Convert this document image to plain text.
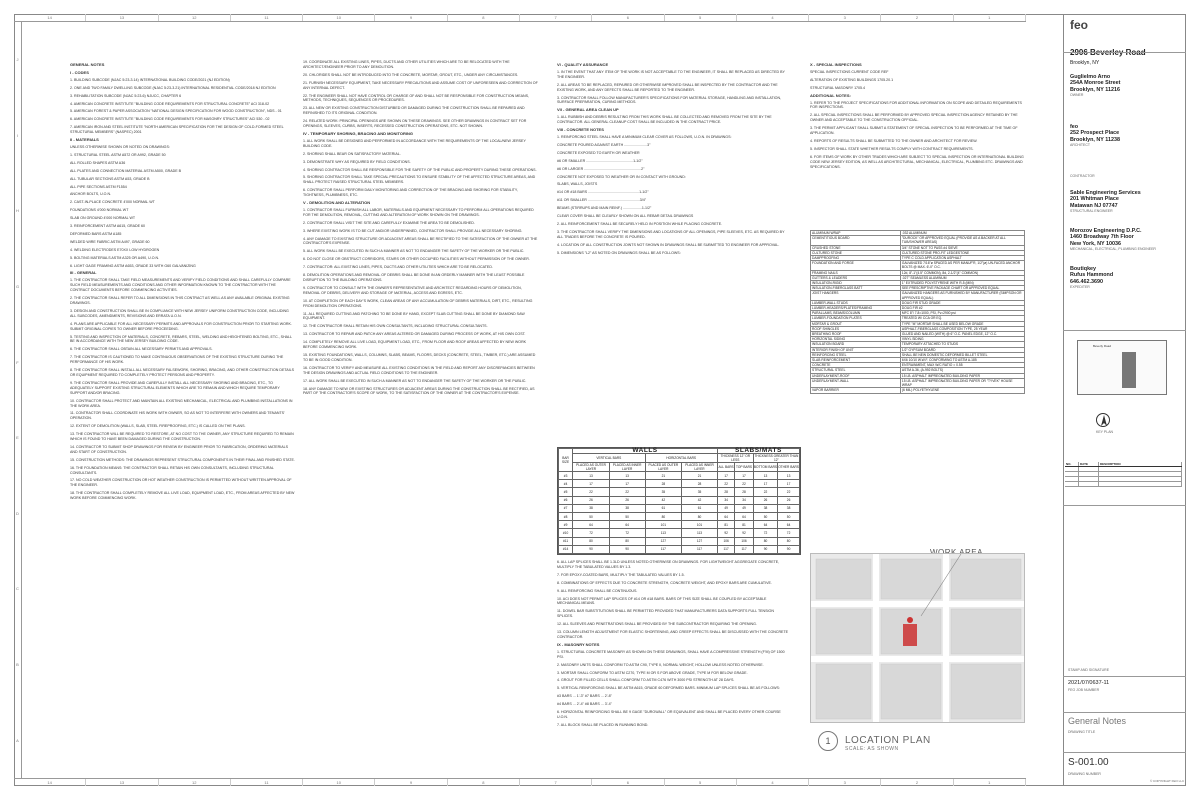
14	13	12	11	10	9	8	7	6	5	4	3	2	1
14	13	12	11	10	9	8	7	6	5	4	3	2	1
J
I
H
G
F
E
D
C
B
A
GENERAL NOTES
I - CODES

1. BUILDING SUBCODE (NJAC 5:23-3.14) INTERNATIONAL BUILDING CODE/2021 (NJ EDITION)

2. ONE AND TWO FAMILY DWELLING SUBCODE (NJAC 5:23-3.21) INTERNATIONAL RESIDENTIAL CODE/2018 NJ EDITION

3. REHABILITATION SUBCODE (NJAC 5:23-6) NJUCC, CHAPTER 6

4. AMERICAN CONCRETE INSTITUTE "BUILDING CODE REQUIREMENTS FOR STRUCTURAL CONCRETE" ACI 318-02

5. AMERICAN FOREST & PAPER ASSOCIATION "NATIONAL DESIGN SPECIFICATION FOR WOOD CONSTRUCTION", NDS - 01

6. AMERICAN CONCRETE INSTITUTE "BUILDING CODE REQUIREMENTS FOR MASONRY STRUCTURES" ACI 530 - 02

7. AMERICAN IRON AND STEEL INSTITUTE "NORTH AMERICAN SPECIFICATION FOR THE DESIGN OF COLD-FORMED STEEL STRUCTURAL MEMBERS" (NASPEC) 2001

II - MATERIALS

UNLESS OTHERWISE SHOWN OR NOTED ON DRAWINGS:

1. STRUCTURAL STEEL ASTM A572 OR A992, GRADE 50

ALL ROLLED SHAPES ASTM A36

ALL PLATES AND CONNECTION MATERIAL ASTM A500, GRADE B

ALL TUBULAR SECTIONS ASTM A53, GRADE B

ALL PIPE SECTIONS ASTM F1554

ANCHOR BOLTS, U.O.N.

2. CAST-IN-PLACE CONCRETE 4'000 NORMAL WT

FOUNDATIONS 4'000 NORMAL WT

SLAB ON GROUND 4'000 NORMAL WT

3. REINFORCEMENT ASTM A615, GRADE 60

DEFORMED BARS ASTM A185

WELDED WIRE FABRIC ASTM A497, GRADE 60

4. WELDING ELECTRODES E70XX LOW HYDROGEN

5. BOLTING MATERIALS ASTM A325 OR A490, U.O.N.

6. LIGHT GAGE FRAMING ASTM A653, GRADE 33 WITH G60 GALVANIZING

III - GENERAL

1. THE CONTRACTOR SHALL TAKE FIELD MEASUREMENTS AND VERIFY FIELD CONDITIONS AND SHALL CAREFULLY COMPARE SUCH FIELD MEASUREMENTS AND CONDITIONS AND OTHER INFORMATION KNOWN TO THE CONTRACTOR WITH THE CONTRACT DOCUMENTS BEFORE COMMENCING ACTIVITIES.

2. THE CONTRACTOR SHALL REFER TO ALL DIMENSIONS IN THIS CONTRACT AS WELL AS ANY AVAILABLE ORIGINAL EXISTING DRAWINGS.

3. DESIGN AND CONSTRUCTION SHALL BE IN COMPLIANCE WITH NEW JERSEY UNIFORM CONSTRUCTION CODE, INCLUDING ALL SUBCODES, AMENDMENTS, REVISIONS AND ERRATA U.O.N.

4. PLANS ARE APPLICABLE FOR ALL NECESSARY PERMITS AND APPROVALS FOR CONSTRUCTION PRIOR TO STARTING WORK. SUBMIT ORIGINAL COPIES TO OWNER BEFORE PROCEEDING.

5. TESTING AND INSPECTION OF MATERIALS, CONCRETE, REBARS, STEEL, WELDING AND HEIGHTENED BOLTING, ETC., SHALL BE IN ACCORDANCE WITH THE NEW JERSEY BUILDING CODE.

6. THE CONTRACTOR SHALL OBTAIN ALL NECESSARY PERMITS AND APPROVALS.

7. THE CONTRACTOR IS CAUTIONED TO MAKE CONTINUOUS OBSERVATIONS OF THE EXISTING STRUCTURE DURING THE PERFORMANCE OF HIS WORK.

8. THE CONTRACTOR SHALL INSTALL ALL NECESSARY FALSEWORK, SHORING, BRACING, AND OTHER CONSTRUCTION DETAILS OR EQUIPMENT REQUIRED TO COMPLETELY PROTECT PERSONS AND PROPERTY.

9. THE CONTRACTOR SHALL PROVIDE AND CAREFULLY INSTALL ALL NECESSARY SHORING AND BRACING, ETC., TO ADEQUATELY SUPPORT EXISTING STRUCTURAL ELEMENTS WHICH ARE TO REMAIN AND WHICH REQUIRE TEMPORARY SUPPORT AND/OR BRACING.

10. CONTRACTOR SHALL PROTECT AND MAINTAIN ALL EXISTING MECHANICAL, ELECTRICAL AND PLUMBING INSTALLATIONS IN THE WORK AREA.

11. CONTRACTOR SHALL COORDINATE HIS WORK WITH OWNER, SO AS NOT TO INTERFERE WITH OWNERS AND TENANTS' OPERATION.

12. EXTENT OF DEMOLITION (WALLS, SLAB, STEEL FIREPROOFING, ETC.) IS CALLED ON THE PLANS.

13. THE CONTRACTOR WILL BE REQUIRED TO RESTORE, AT NO COST TO THE OWNER, ANY STRUCTURE REQUIRED TO REMAIN WHICH IS FOUND TO HAVE BEEN DAMAGED DURING THE CONSTRUCTION.

14. CONTRACTOR TO SUBMIT SHOP DRAWINGS FOR REVIEW BY ENGINEER PRIOR TO FABRICATION, ORDERING MATERIALS AND START OF CONSTRUCTION.

15. CONSTRUCTION METHODS: THE DRAWINGS REPRESENT STRUCTURAL COMPONENTS IN THEIR FINAL AND FINISHED STATE.

16. THE FOUNDATION MEANS: THE CONTRACTOR SHALL RETAIN HIS OWN CONSULTANTS, INCLUDING STRUCTURAL CONSULTANTS.

17. NO COLD WEATHER CONSTRUCTION OR HOT WEATHER CONSTRUCTION IS PERMITTED WITHOUT WRITTEN APPROVAL OF THE ENGINEER.

18. THE CONTRACTOR SHALL COMPLETELY REMOVE ALL LIVE LOAD, EQUIPMENT LOAD, ETC., FROM AREAS AFFECTED BY NEW WORK BEFORE COMMENCING WORK.

19. COORDINATE ALL EXISTING LINES, PIPES, DUCTS AND OTHER UTILITIES WHICH ARE TO BE RELOCATED WITH THE ARCHITECT/ENGINEER PRIOR TO ANY DEMOLITION.

20. CHLORIDES SHALL NOT BE INTRODUCED INTO THE CONCRETE, MORTAR, GROUT, ETC., UNDER ANY CIRCUMSTANCES.

21. FURNISH NECESSARY EQUIPMENT, TAKE NECESSARY PRECAUTIONS AND ASSUME COST OF UNFORESEEN AND CORRECTION OF ANY INTERNAL DEFECT.

22. THE ENGINEER SHALL NOT HAVE CONTROL OR CHARGE OF AND SHALL NOT BE RESPONSIBLE FOR CONSTRUCTION MEANS, METHODS, TECHNIQUES, SEQUENCES OR PROCEDURES.

23. ALL NEW OR EXISTING CONSTRUCTION DISTURBED OR DAMAGED DURING THE CONSTRUCTION SHALL BE REPAIRED AND REFINISHED TO ITS ORIGINAL CONDITION.

24. RELATED WORK: PRINCIPAL OPENINGS ARE SHOWN ON THESE DRAWINGS. SEE OTHER DRAWINGS IN CONTRACT SET FOR OPENINGS, SLEEVES, CURBS, INSERTS, RECESSED CONSTRUCTION OPERATIONS, ETC. NOT SHOWN.

IV - TEMPORARY SHORING, BRACING AND MONITORING

1. ALL WORK SHALL BE DESIGNED AND PERFORMED IN ACCORDANCE WITH THE REQUIREMENTS OF THE LOCAL/NEW JERSEY BUILDING CODE.

2. SHORING SHALL BEAR ON SATISFACTORY MATERIAL.

3. DEMONSTRATE WHY AS REQUIRED BY FIELD CONDITIONS.

4. SHORING CONTRACTOR SHALL BE RESPONSIBLE FOR THE SAFETY OF THE PUBLIC AND PROPERTY DURING THESE OPERATIONS.

5. SHORING CONTRACTOR SHALL TAKE SPECIAL PRECAUTIONS TO ENSURE STABILITY OF THE AFFECTED STRUCTURE AREAS, AND SHALL PROTECT RAISED STRUCTURAL STEEL MEMBERS.

6. CONTRACTOR SHALL PERFORM DAILY MONITORING AND CORRECTION OF THE BRACING AND SHORING FOR STABILITY, TIGHTNESS, PLUMBNESS, ETC.

V - DEMOLITION AND ALTERATION

1. CONTRACTOR SHALL FURNISH ALL LABOR, MATERIALS AND EQUIPMENT NECESSARY TO PERFORM ALL OPERATIONS REQUIRED FOR THE DEMOLITION, REMOVAL, CUTTING AND ALTERATION OF WORK SHOWN ON THE DRAWINGS.

2. CONTRACTOR SHALL VISIT THE SITE AND CAREFULLY EXAMINE THE AREA TO BE DEMOLISHED.

3. WHERE EXISTING WORK IS TO BE CUT AND/OR UNDERPINNED, CONTRACTOR SHALL PROVIDE ALL NECESSARY SHORING.

4. ANY DAMAGE TO EXISTING STRUCTURE OR ADJACENT AREAS SHALL BE RECTIFIED TO THE SATISFACTION OF THE OWNER AT THE CONTRACTOR'S EXPENSE.

5. ALL WORK SHALL BE EXECUTED IN SUCH A MANNER AS NOT TO ENDANGER THE SAFETY OF THE WORKER OR THE PUBLIC.

6. DO NOT CLOSE OR OBSTRUCT CORRIDORS, STAIRS OR OTHER OCCUPIED FACILITIES WITHOUT PERMISSION OF THE OWNER.

7. CONTRACTOR: ALL EXISTING LINES, PIPES, DUCTS AND OTHER UTILITIES WHICH ARE TO BE RELOCATED.

8. DEMOLITION OPERATIONS AND REMOVAL OF DEBRIS SHALL BE DONE IN AN ORDERLY MANNER WITH THE LEAST POSSIBLE DISRUPTION TO THE BUILDING OPERATIONS.

9. CONTRACTOR TO CONSULT WITH THE OWNER'S REPRESENTATIVE AND ARCHITECT REGARDING HOURS OF DEMOLITION, REMOVAL OF DEBRIS, DELIVERY AND STORAGE OF MATERIAL, ACCESS AND EGRESS, ETC.

10. AT COMPLETION OF EACH DAY'S WORK, CLEAN AREAS OF ANY ACCUMULATION OF DEBRIS MATERIALS, DIRT, ETC., RESULTING FROM DEMOLITION OPERATIONS.

11. ALL REQUIRED CUTTING AND PATCHING TO BE DONE BY HAND, EXCEPT SLAB CUTTING SHALL BE DONE BY DIAMOND SAW EQUIPMENT.

12. THE CONTRACTOR SHALL RETAIN HIS OWN CONSULTANTS, INCLUDING STRUCTURAL CONSULTANTS.

13. CONTRACTOR TO REPAIR AND PATCH ANY AREAS ALTERED OR DAMAGED DURING PROCESS OF WORK, AT HIS OWN COST.

14. COMPLETELY REMOVE ALL LIVE LOAD, EQUIPMENT LOAD, ETC., FROM FLOOR AND ROOF AREAS AFFECTED BY NEW WORK BEFORE COMMENCING WORK.

15. EXISTING FOUNDATIONS, WALLS, COLUMNS, SLABS, BEAMS, FLOORS, DECKS (CONCRETE, STEEL, TIMBER, ETC.) ARE ASSUMED TO BE IN GOOD CONDITION.

16. CONTRACTOR TO VERIFY AND MEASURE ALL EXISTING CONDITIONS IN THE FIELD AND REPORT ANY DISCREPANCIES BETWEEN THE DESIGN DRAWINGS AND ACTUAL FIELD CONDITIONS TO THE ENGINEER.

17. ALL WORK SHALL BE EXECUTED IN SUCH A MANNER AS NOT TO ENDANGER THE SAFETY OF THE WORKER OR THE PUBLIC.

18. ANY DAMAGE TO NEW OR EXISTING STRUCTURES OR ADJACENT AREAS DURING THE CONSTRUCTION SHALL BE RECTIFIED, AS PART OF THE CONTRACTOR'S SCOPE OF WORK, TO THE SATISFACTION OF THE OWNER AT THE CONTRACTOR'S EXPENSE.

VI - QUALITY ASSURANCE

1. IN THE EVENT THAT ANY ITEM OF THE WORK IS NOT ACCEPTABLE TO THE ENGINEER, IT SHALL BE REPLACED AS DIRECTED BY THE ENGINEER.

2. ALL AREAS TO BE REPLACED, REPAIRED OR OTHERWISE IMPROVED SHALL BE INSPECTED BY THE CONTRACTOR AND THE EXISTING WORK, AND ANY DEFECTS SHALL BE REPORTED TO THE ENGINEER.

3. CONTRACTOR SHALL FOLLOW MANUFACTURER'S SPECIFICATIONS FOR MATERIAL STORAGE, HANDLING AND INSTALLATION, SURFACE PREPARATION, CURING METHODS.

VII - GENERAL AREA CLEAN UP

1. ALL RUBBISH AND DEBRIS RESULTING FROM THIS WORK SHALL BE COLLECTED AND REMOVED FROM THE SITE BY THE CONTRACTOR. ALL GENERAL CLEANUP COST SHALL BE INCLUDED IN THE CONTRACT PRICE.

VIII - CONCRETE NOTES

1. REINFORCING STEEL SHALL HAVE A MINIMUM CLEAR COVER AS FOLLOWS, U.O.N. IN DRAWINGS:

CONCRETE POURED AGAINST EARTH .......................3"

CONCRETE EXPOSED TO EARTH OR WEATHER

#6 OR SMALLER ...............................................1-1/2"

#6 OR LARGER .........................................................2"

CONCRETE NOT EXPOSED TO WEATHER OR IN CONTACT WITH GROUND:

SLABS, WALLS, JOISTS

#14 OR #18 BARS ...................................................1-1/2"

#11 OR SMALLER ....................................................3/4"

BEAMS (STIRRUPS AND MAIN REINF.) ...................1-1/2"

CLEAR COVER SHALL BE CLEARLY SHOWN ON ALL REBAR DETAIL DRAWINGS

2. ALL REINFORCEMENT SHALL BE SECURELY HELD IN POSITION WHILE PLACING CONCRETE.

3. THE CONTRACTOR SHALL VERIFY THE DIMENSIONS AND LOCATIONS OF ALL OPENINGS, PIPE SLEEVES, ETC. AS REQUIRED BY ALL TRADES BEFORE THE CONCRETE IS POURED.

4. LOCATION OF ALL CONSTRUCTION JOINTS NOT SHOWN IN DRAWINGS SHALL BE SUBMITTED TO ENGINEER FOR APPROVAL.

5. DIMENSIONS "L2" AS NOTED ON DRAWINGS SHALL BE AS FOLLOWS:

BAR SIZE	WALLS				SLABS/MATS			
	VERTICAL BARS		HORIZONTAL BARS		THICKNESS 12" OR LESS		THICKNESS GREATER THAN 12"	
	PLACED AS OUTER LAYER	PLACED AS INNER LAYER	PLACED AS OUTER LAYER	PLACED AS INNER LAYER	ALL BARS	TOP BARS	BOTTOM BARS	OTHER BARS
#3	13	13	21	21	17	17	13	13
#4	17	17	28	28	22	22	17	17
#5	22	22	35	35	28	28	22	22
#6	26	26	42	42	34	34	26	26
#7	38	38	61	61	49	49	38	38
#8	50	50	80	80	64	64	50	50
#9	64	64	101	101	81	81	64	64
#10	72	72	113	113	92	92	72	72
#11	80	80	127	127	106	106	80	80
#14	90	90	117	117	117	117	90	90

6. ALL LAP SPLICES SHALL BE 1.3LD UNLESS NOTED OTHERWISE ON DRAWINGS. FOR LIGHTWEIGHT AGGREGATE CONCRETE, MULTIPLY THE TABULATED VALUES BY 1.3.

7. FOR EPOXY-COATED BARS, MULTIPLY THE TABULATED VALUES BY 1.5.

8. COMBINATIONS OF EFFECTS DUE TO CONCRETE STRENGTH, CONCRETE WEIGHT, AND EPOXY BARS ARE CUMULATIVE.

9. ALL REINFORCING SHALL BE CONTINUOUS.

10. ACI DOES NOT PERMIT LAP SPLICES OF #14 OR #18 BARS. BARS OF THIS SIZE SHALL BE COUPLED BY ACCEPTABLE MECHANICAL MEANS.

11. DOWEL BAR SUBSTITUTIONS SHALL BE PERMITTED PROVIDED THAT MANUFACTURERS DATA SUPPORTS FULL TENSION SPLICES.

12. ALL SLEEVES AND PENETRATIONS SHALL BE PROVIDED BY THE SUBCONTRACTOR REQUIRING THE OPENING.

13. COLUMN LENGTH ADJUSTMENT FOR ELASTIC SHORTENING, AND CREEP EFFECTS SHALL BE DISCUSSED WITH THE CONCRETE CONTRACTOR.

IX - MASONRY NOTES

1. STRUCTURAL CONCRETE MASONRY AS SHOWN ON THESE DRAWINGS, SHALL HAVE A COMPRESSIVE STRENGTH (F'M) OF 1500 PSI.

2. MASONRY UNITS SHALL CONFORM TO ASTM C90, TYPE II, NORMAL WEIGHT, HOLLOW UNLESS NOTED OTHERWISE.

3. MORTAR SHALL CONFORM TO ASTM C270, TYPE M OR S FOR ABOVE GRADE, TYPE M FOR BELOW GRADE.

4. GROUT FOR FILLED CELLS SHALL CONFORM TO ASTM C476 WITH 3000 PSI STRENGTH AT 28 DAYS.

5. VERTICAL REINFORCING SHALL BE ASTM A615, GRADE 60 DEFORMED BARS. MINIMUM LAP SPLICES SHALL BE AS FOLLOWS:

#3 BARS ... 1'-3" #7 BARS ... 2'-8"

#4 BARS ... 2'-4" #8 BARS ... 3'-4"

6. HORIZONTAL REINFORCING SHALL BE 9 GAGE "DUROWALL" OR EQUIVALENT AND SHALL BE PLACED EVERY OTHER COURSE U.O.N.

7. ALL BLOCK SHALL BE PLACED IN RUNNING BOND.

X - SPECIAL INSPECTIONS

SPECIAL INSPECTIONS CURRENT CODE REF

ALTERATION OF EXISTING BUILDINGS 1705.20.1

STRUCTURAL MASONRY 1705.4

ADDITIONAL NOTES:

1. REFER TO THE PROJECT SPECIFICATIONS FOR ADDITIONAL INFORMATION ON SCOPE AND DETAILED REQUIREMENTS FOR INSPECTIONS.

2. ALL SPECIAL INSPECTIONS SHALL BE PERFORMED BY APPROVED SPECIAL INSPECTION AGENCY RETAINED BY THE OWNER AND ACCEPTABLE TO THE CONSTRUCTION OFFICIAL.

3. THE PERMIT APPLICANT SHALL SUBMIT A STATEMENT OF SPECIAL INSPECTION TO BE PERFORMED AT THE TIME OF APPLICATION.

4. REPORTS OF RESULTS SHALL BE SUBMITTED TO THE OWNER AND ARCHITECT FOR REVIEW.

5. INSPECTOR SHALL STATE WHETHER RESULTS COMPLY WITH CONTRACT REQUIREMENTS.

6. FOR ITEMS OF WORK BY OTHER TRADES WHICH ARE SUBJECT TO SPECIAL INSPECTION OR INTERNATIONAL BUILDING CODE NEW JERSEY EDITION, AS WELL AS ARCHITECTURAL, MECHANICAL, ELECTRICAL, PLUMBING ETC. DRAWINGS AND SPECIFICATIONS.

ALUMINUM WRAP	.032 ALUMINUM
CEMENTITIOUS BOARD	"DUROCK" OR APPROVED EQUAL (PROVIDE AS A BACKER AT ALL TUB/SHOWER AREAS)
CRUSHED STONE	3/4" STONE NOT TO PASS #4 SIEVE
CULTURED STONE	CULTURED STONE PRO-FIT LEDGESTONE
DAMPPROOFING	TYPE C COLD APPLICATION ASPHALT
FOUNDATION AND FORGE	GALVANIZED 7/16"ø SPACED AS PER MANUF'R, 1/2"(ø) UN-FACED ANCHOR BOLTS @ MAX. 6'-0" O.C.
FRAMING NAILS	12d, 8"-1"(4.5" COMMON), 8d, 2-1/2"(4" COMMON)
GUTTERS & LEADERS	.027" SEAMLESS ALUMINUM
INSULATION-RIGID	1" EXTRUDED POLYSTYRENE WITH R-5 (MIN)
INSULATION-FIBERGLASS BATT	SEE PRESCRIPTIVE PACKAGE CHART OR APPROVED EQUAL
JOIST HANGERS	GALVANIZED HANGERS AS FURNISHED BY MANUFACTURER (SIMPSON OR APPROVED EQUAL)
LUMBER-WALL STUDS	DOUG FIR STUD GRADE
LUMBER-HEADERS/PLATES/FRAMING	DOUG FIR #2
PARALLAMS, BEAMS/COLUMN	MFC 8"/ 7.8=1000, PSI, Fv=2900 psi
LUMBER-FOUNDATION PLATES	TREATED W/ CCA OR EQ.
MORTAR & GROUT	TYPE "M" MORTAR SHALL BE USED BELOW GRADE
ROOF SHINGLES	ASPHALT-FIBERGLASS COMPOSITION TYPE, 25 YEAR
BREATHING ROOF	GLUED AND NAILED (WITH) @ 6" O.C. PANEL EDGE, 12" O.C.
HORIZONTAL SIDING	VINYL SIDING
INSULATION BOARD	TEMPORARY ATTACHED TO STUDS
INTERIOR FINISH OF UNIT	1/2" GYPSUM BOARD
REINFORCING STEEL	SHALL BE NEW DOMESTIC DEFORMED BILLET STEEL
SLAB REINFORCEMENT	6X6 10/10 W.W.F. CONFORMING TO ASTM A-185
CONCRETE	ENTRAINMENT, MAX W/C RATIO = 0.55
STRUCTURAL STEEL	ASTM A-36, (A-992 BOLTS)
UNDERLAYMENT-ROOF	15 LB. ASPHALT IMPREGNATED BUILDING PAPER
UNDERLAYMENT-WALL	15 LB. ASPHALT IMPREGNATED BUILDING PAPER OR "TYVEK" HOUSE WRAP
VAPOR BARRIER	(6 MIL) POLYETHYLENE
1	LOCATION PLAN
SCALE: AS SHOWN
feo
2906 Beverley Road
Brooklyn, NY
Guglielmo Arno
254A Monroe Street
Brooklyn, NY 11216
OWNER
feo
252 Prospect Place
Brooklyn, NY 11238
ARCHITECT
CONTRACTOR
Sable Engineering Services
201 Whitman Place
Matawan NJ 07747
STRUCTURAL ENGINEER
Morozov Engineering D.P.C.
1460 Broadway 7th Floor
New York, NY 10036
MECHANICAL, ELECTRICAL, PLUMBING ENGINEER
Boutiqkey
Rufus Hammond
646.462.3690
EXPEDITER
Beverly Road
KEY PLAN
NO.	DATE	DESCRIPTION
STAMP AND SIGNATURE
2021/07/0637-11
FEO JOB NUMBER
General Notes
DRAWING TITLE
S-001.00
DRAWING NUMBER
© COPYRIGHT FEO LLC
